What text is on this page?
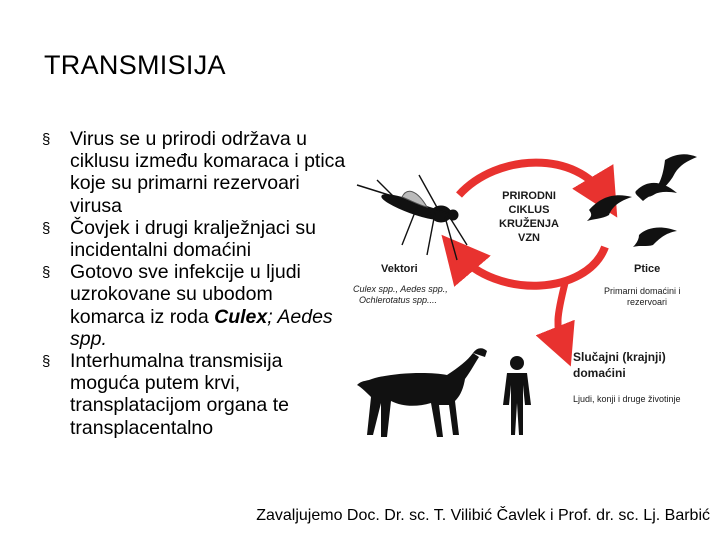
TRANSMISIJA
§ Virus se u prirodi održava u ciklusu između komaraca i ptica koje su primarni rezervoari virusa
§ Čovjek i drugi kralježnjaci su incidentalni domaćini
§ Gotovo sve infekcije u ljudi uzrokovane su ubodom komarca iz roda Culex; Aedes spp.
§ Interhumalna transmisija moguća putem krvi, transplatacijom organa te transplacentalno
PRIRODNI
CIKLUS
KRUŽENJA
VZN
Vektori
Culex spp., Aedes spp.,
Ochlerotatus spp....
Ptice
Primarni domaćini i
rezervoari
Slučajni (krajnji)
domaćini
Ljudi, konji i druge životinje
Zavaljujemo Doc. Dr. sc. T. Vilibić Čavlek i Prof. dr. sc. Lj. Barbić
